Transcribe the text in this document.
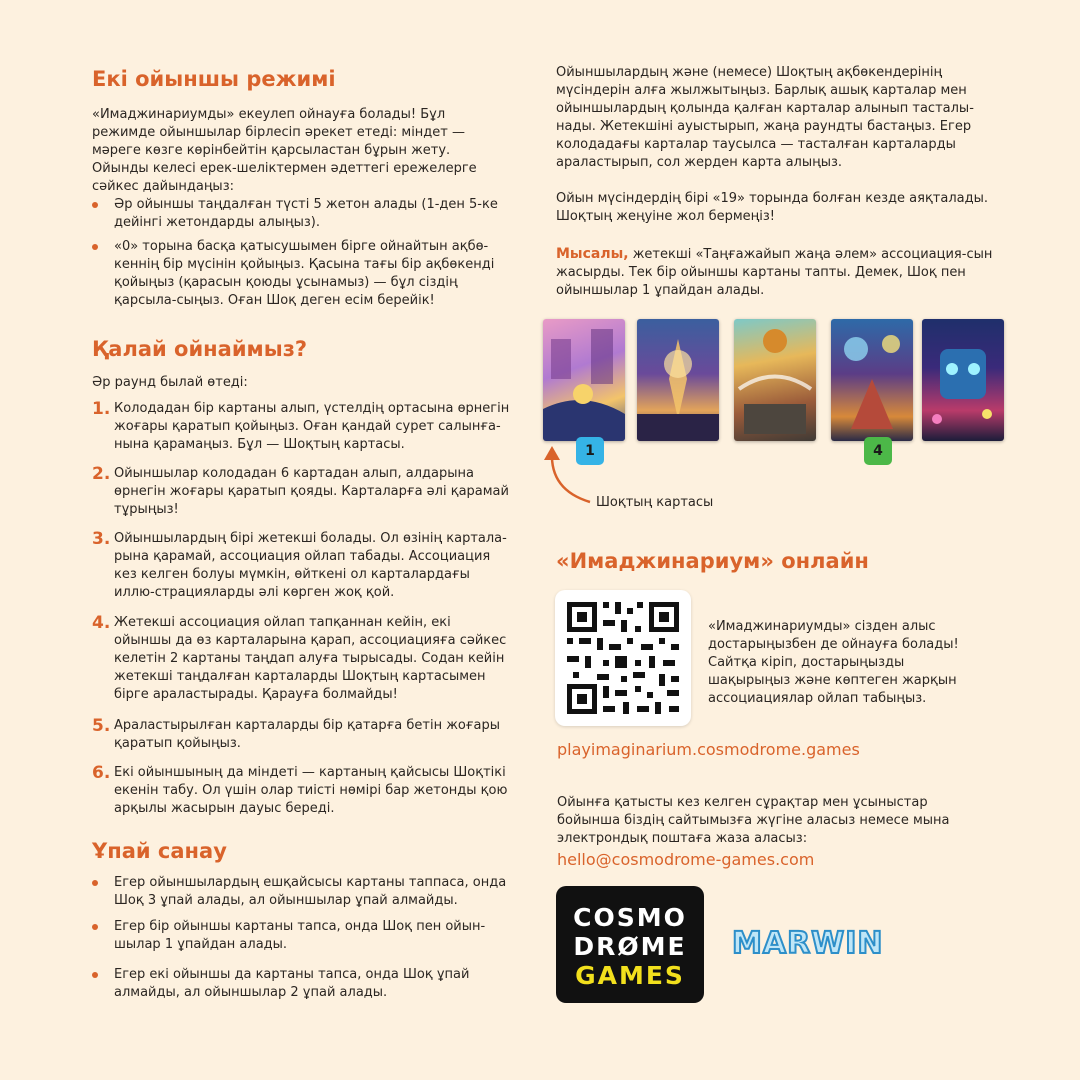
Екі ойыншы режимі

«Имаджинариумды» екеулеп ойнауға болады! Бұл режимде ойыншылар бірлесіп әрекет етеді: міндет — мәреге көзге көрінбейтін қарсыластан бұрын жету. Ойынды келесі ерек-шеліктермен әдеттегі ережелерге сәйкес дайындаңыз:

Әр ойыншы таңдалған түсті 5 жетон алады (1-ден 5-ке дейінгі жетондарды алыңыз).
«0» торына басқа қатысушымен бірге ойнайтын ақбө-кеннің бір мүсінін қойыңыз. Қасына тағы бір ақбөкенді қойыңыз (қарасын қоюды ұсынамыз) — бұл сіздің қарсыла-сыңыз. Оған Шоқ деген есім берейік!
Қалай ойнаймыз?

Әр раунд былай өтеді:

1. Колодадан бір картаны алып, үстелдің ортасына өрнегін жоғары қаратып қойыңыз. Оған қандай сурет салынға-нына қарамаңыз. Бұл — Шоқтың картасы.
2. Ойыншылар колодадан 6 картадан алып, алдарына өрнегін жоғары қаратып қояды. Карталарға әлі қарамай тұрыңыз!
3. Ойыншылардың бірі жетекші болады. Ол өзінің картала-рына қарамай, ассоциация ойлап табады. Ассоциация кез келген болуы мүмкін, өйткені ол карталардағы иллю-страцияларды әлі көрген жоқ қой.
4. Жетекші ассоциация ойлап тапқаннан кейін, екі ойыншы да өз карталарына қарап, ассоциацияға сәйкес келетін 2 картаны таңдап алуға тырысады. Содан кейін жетекші таңдалған карталарды Шоқтың картасымен бірге араластырады. Қарауға болмайды!
5. Араластырылған карталарды бір қатарға бетін жоғары қаратып қойыңыз.
6. Екі ойыншының да міндеті — картаның қайсысы Шоқтікі екенін табу. Ол үшін олар тиісті нөмірі бар жетонды қою арқылы жасырын дауыс береді.
Ұпай санау
Егер ойыншылардың ешқайсысы картаны таппаса, онда Шоқ 3 ұпай алады, ал ойыншылар ұпай алмайды.
Егер бір ойыншы картаны тапса, онда Шоқ пен ойын-шылар 1 ұпайдан алады.
Егер екі ойыншы да картаны тапса, онда Шоқ ұпай алмайды, ал ойыншылар 2 ұпай алады.

Ойыншылардың және (немесе) Шоқтың ақбөкендерінің мүсіндерін алға жылжытыңыз. Барлық ашық карталар мен ойыншылардың қолында қалған карталар алынып тасталы-нады. Жетекшіні ауыстырып, жаңа раундты бастаңыз. Егер колодадағы карталар таусылса — тасталған карталарды араластырып, сол жерден карта алыңыз.

Ойын мүсіндердің бірі «19» торында болған кезде аяқталады. Шоқтың жеңуіне жол бермеңіз!

Мысалы, жетекші «Таңғажайып жаңа әлем» ассоциация-сын жасырды. Тек бір ойыншы картаны тапты. Демек, Шоқ пен ойыншылар 1 ұпайдан алады.

1	4

Шоқтың картасы

«Имаджинариум» онлайн

«Имаджинариумды» сізден алыс достарыңызбен де ойнауға болады! Сайтқа кіріп, достарыңызды шақырыңыз және көптеген жарқын ассоциациялар ойлап табыңыз.

playimaginarium.cosmodrome.games

Ойынға қатысты кез келген сұрақтар мен ұсыныстар бойынша біздің сайтымызға жүгіне аласыз немесе мына электрондық поштаға жаза аласыз:

hello@cosmodrome-games.com
COSMO
DRØME
GAMES
MARWIN
